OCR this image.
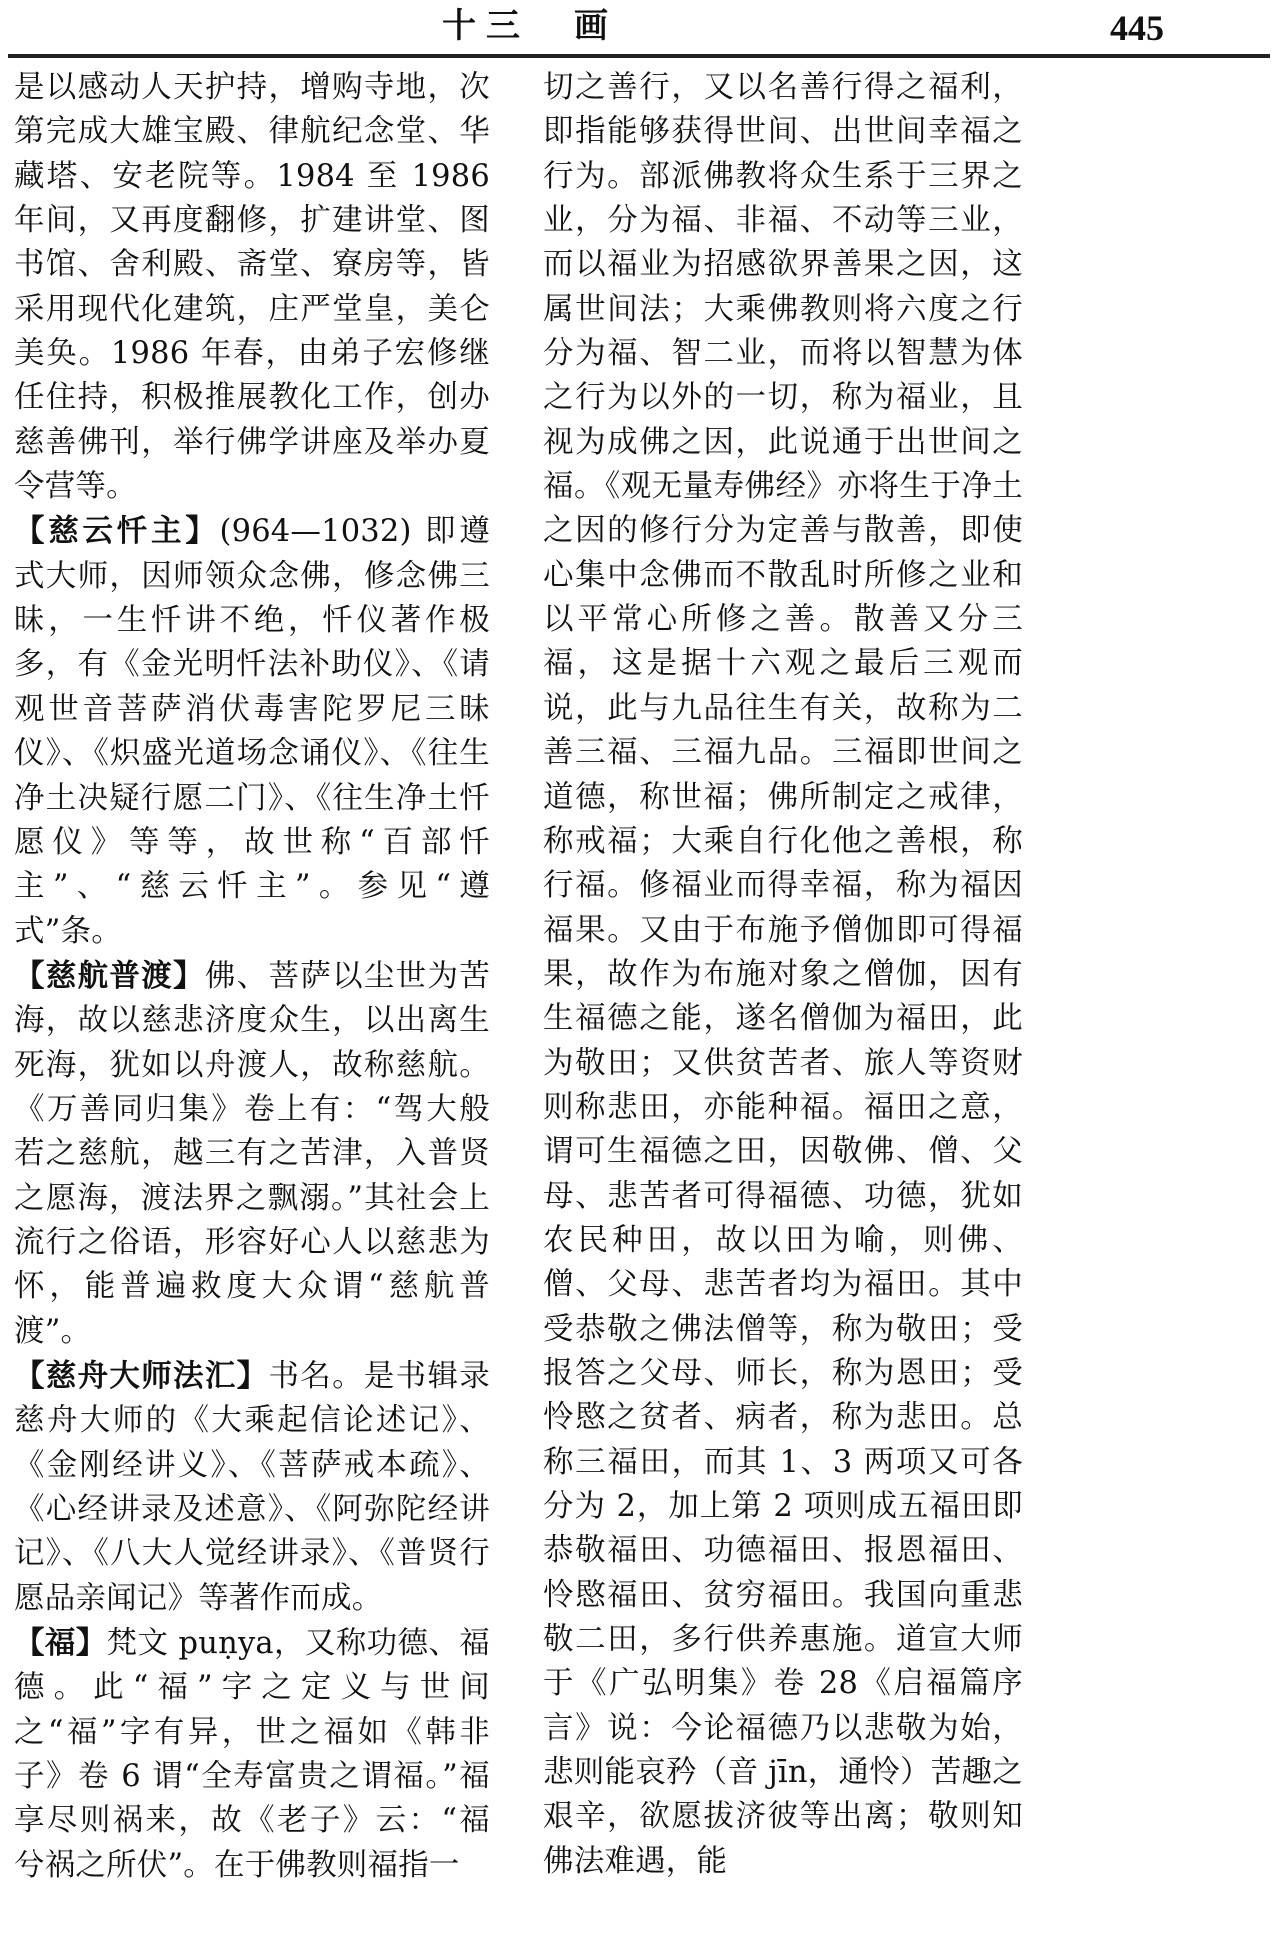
十三　画	445

是以感动人天护持，增购寺地，次第完成大雄宝殿、律航纪念堂、华藏塔、安老院等。1984 至 1986 年间，又再度翻修，扩建讲堂、图书馆、舍利殿、斋堂、寮房等，皆采用现代化建筑，庄严堂皇，美仑美奂。1986 年春，由弟子宏修继任住持，积极推展教化工作，创办慈善佛刊，举行佛学讲座及举办夏令营等。

【慈云忏主】(964—1032) 即遵式大师，因师领众念佛，修念佛三昧，一生忏讲不绝，忏仪著作极多，有《金光明忏法补助仪》、《请观世音菩萨消伏毒害陀罗尼三昧仪》、《炽盛光道场念诵仪》、《往生净土决疑行愿二门》、《往生净土忏愿仪》等等，故世称“百部忏主”、“慈云忏主”。参见“遵式”条。

【慈航普渡】佛、菩萨以尘世为苦海，故以慈悲济度众生，以出离生死海，犹如以舟渡人，故称慈航。《万善同归集》卷上有：“驾大般若之慈航，越三有之苦津，入普贤之愿海，渡法界之飘溺。”其社会上流行之俗语，形容好心人以慈悲为怀，能普遍救度大众谓“慈航普渡”。

【慈舟大师法汇】书名。是书辑录慈舟大师的《大乘起信论述记》、《金刚经讲义》、《菩萨戒本疏》、《心经讲录及述意》、《阿弥陀经讲记》、《八大人觉经讲录》、《普贤行愿品亲闻记》等著作而成。

【福】梵文 puṇya，又称功德、福德。此“福”字之定义与世间之“福”字有异，世之福如《韩非子》卷 6 谓“全寿富贵之谓福。”福享尽则祸来，故《老子》云：“福兮祸之所伏”。在于佛教则福指一

切之善行，又以名善行得之福利，即指能够获得世间、出世间幸福之行为。部派佛教将众生系于三界之业，分为福、非福、不动等三业，而以福业为招感欲界善果之因，这属世间法；大乘佛教则将六度之行分为福、智二业，而将以智慧为体之行为以外的一切，称为福业，且视为成佛之因，此说通于出世间之福。《观无量寿佛经》亦将生于净土之因的修行分为定善与散善，即使心集中念佛而不散乱时所修之业和以平常心所修之善。散善又分三福，这是据十六观之最后三观而说，此与九品往生有关，故称为二善三福、三福九品。三福即世间之道德，称世福；佛所制定之戒律，称戒福；大乘自行化他之善根，称行福。修福业而得幸福，称为福因福果。又由于布施予僧伽即可得福果，故作为布施对象之僧伽，因有生福德之能，遂名僧伽为福田，此为敬田；又供贫苦者、旅人等资财则称悲田，亦能种福。福田之意，谓可生福德之田，因敬佛、僧、父母、悲苦者可得福德、功德，犹如农民种田，故以田为喻，则佛、僧、父母、悲苦者均为福田。其中受恭敬之佛法僧等，称为敬田；受报答之父母、师长，称为恩田；受怜愍之贫者、病者，称为悲田。总称三福田，而其 1、3 两项又可各分为 2，加上第 2 项则成五福田即恭敬福田、功德福田、报恩福田、怜愍福田、贫穷福田。我国向重悲敬二田，多行供养惠施。道宣大师于《广弘明集》卷 28《启福篇序言》说：今论福德乃以悲敬为始，悲则能哀矜（音 jīn，通怜）苦趣之艰辛，欲愿拔济彼等出离；敬则知佛法难遇，能
